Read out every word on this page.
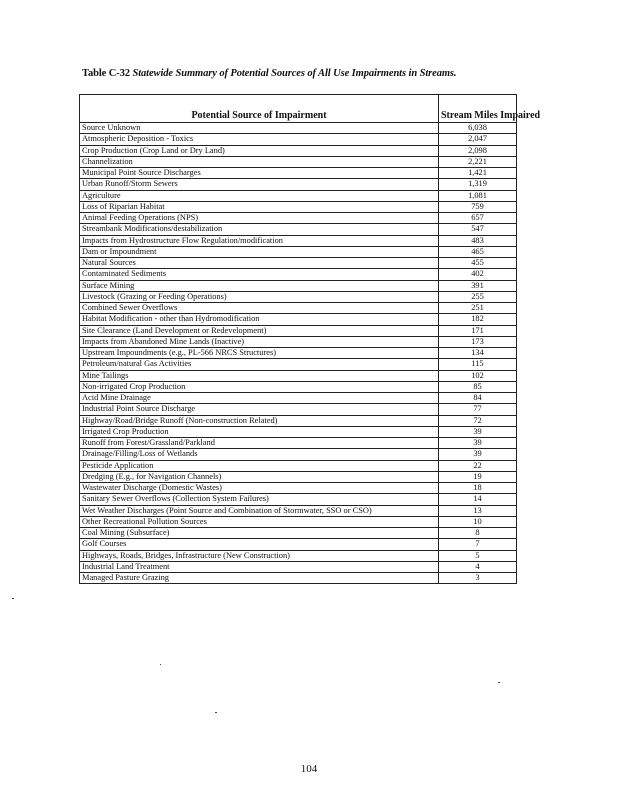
Table C-32 Statewide Summary of Potential Sources of All Use Impairments in Streams.
Potential Source of Impairment	Stream Miles Impaired
Source Unknown	6,038
Atmospheric Deposition - Toxics	2,047
Crop Production (Crop Land or Dry Land)	2,098
Channelization	2,221
Municipal Point Source Discharges	1,421
Urban Runoff/Storm Sewers	1,319
Agriculture	1,081
Loss of Riparian Habitat	759
Animal Feeding Operations (NPS)	657
Streambank Modifications/destabilization	547
Impacts from Hydrostructure Flow Regulation/modification	483
Dam or Impoundment	465
Natural Sources	455
Contaminated Sediments	402
Surface Mining	391
Livestock (Grazing or Feeding Operations)	255
Combined Sewer Overflows	251
Habitat Modification - other than Hydromodification	182
Site Clearance (Land Development or Redevelopment)	171
Impacts from Abandoned Mine Lands (Inactive)	173
Upstream Impoundments (e.g., PL-566 NRCS Structures)	134
Petroleum/natural Gas Activities	115
Mine Tailings	102
Non-irrigated Crop Production	85
Acid Mine Drainage	84
Industrial Point Source Discharge	77
Highway/Road/Bridge Runoff (Non-construction Related)	72
Irrigated Crop Production	39
Runoff from Forest/Grassland/Parkland	39
Drainage/Filling/Loss of Wetlands	39
Pesticide Application	22
Dredging (E.g., for Navigation Channels)	19
Wastewater Discharge (Domestic Wastes)	18
Sanitary Sewer Overflows (Collection System Failures)	14
Wet Weather Discharges (Point Source and Combination of Stormwater, SSO or CSO)	13
Other Recreational Pollution Sources	10
Coal Mining (Subsurface)	8
Golf Courses	7
Highways, Roads, Bridges, Infrastructure (New Construction)	5
Industrial Land Treatment	4
Managed Pasture Grazing	3
104
